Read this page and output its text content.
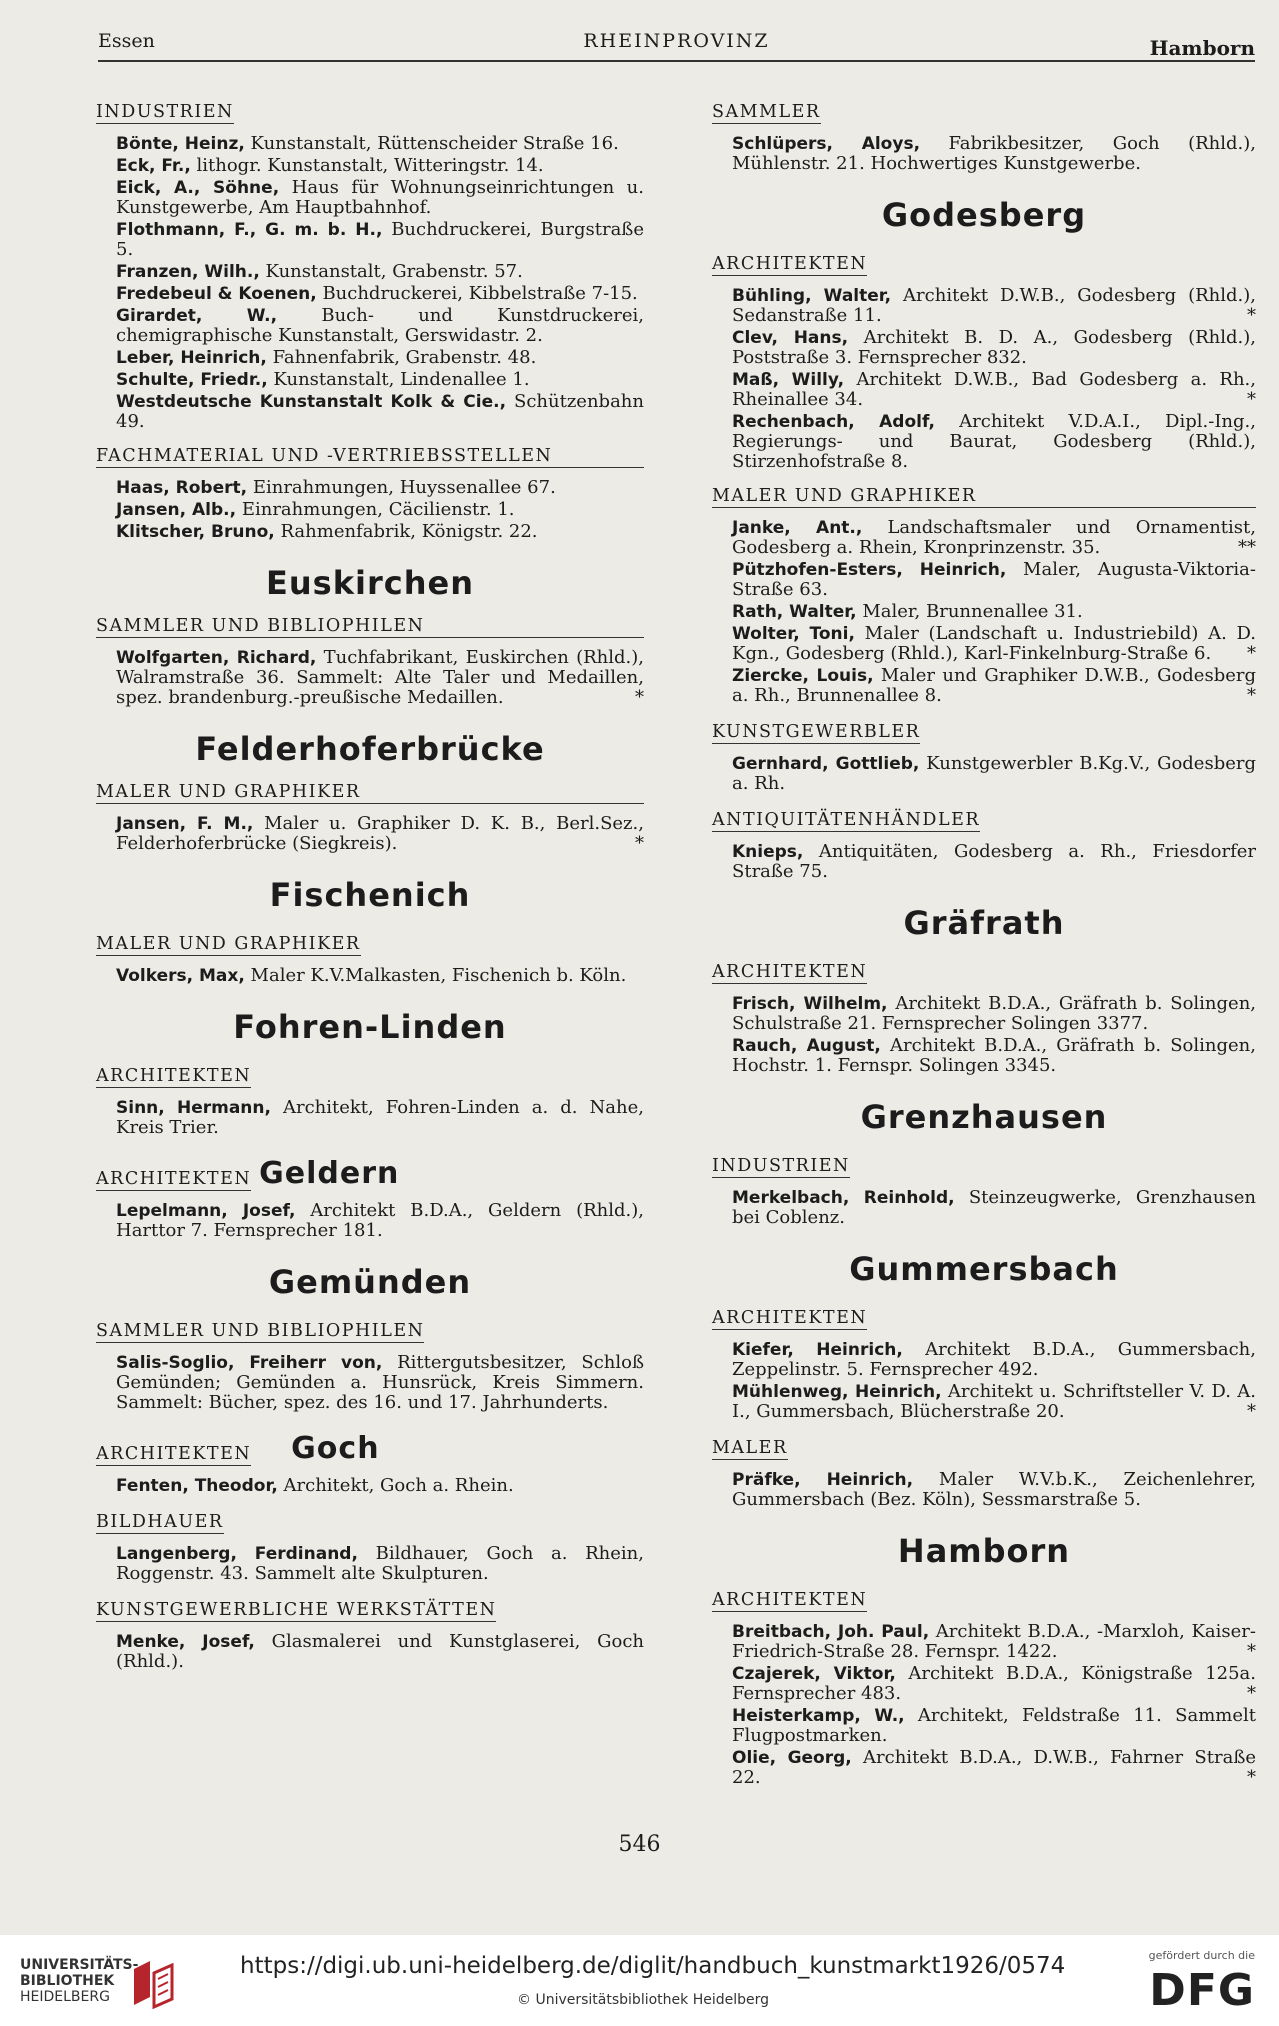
Essen	RHEINPROVINZ	Hamborn
INDUSTRIEN

Bönte, Heinz, Kunstanstalt, Rüttenscheider Straße 16.

Eck, Fr., lithogr. Kunstanstalt, Witteringstr. 14.

Eick, A., Söhne, Haus für Wohnungseinrichtungen u. Kunstgewerbe, Am Hauptbahnhof.

Flothmann, F., G. m. b. H., Buchdruckerei, Burgstraße 5.

Franzen, Wilh., Kunstanstalt, Grabenstr. 57.

Fredebeul & Koenen, Buchdruckerei, Kibbelstraße 7-15.

Girardet, W., Buch- und Kunstdruckerei, chemigraphische Kunstanstalt, Gerswidastr. 2.

Leber, Heinrich, Fahnenfabrik, Grabenstr. 48.

Schulte, Friedr., Kunstanstalt, Lindenallee 1.

Westdeutsche Kunstanstalt Kolk & Cie., Schützenbahn 49.

FACHMATERIAL UND -VERTRIEBSSTELLEN

Haas, Robert, Einrahmungen, Huyssenallee 67.

Jansen, Alb., Einrahmungen, Cäcilienstr. 1.

Klitscher, Bruno, Rahmenfabrik, Königstr. 22.

Euskirchen
SAMMLER UND BIBLIOPHILEN

Wolfgarten, Richard, Tuchfabrikant, Euskirchen (Rhld.), Walramstraße 36. Sammelt: Alte Taler und Medaillen, spez. brandenburg.-preußische Medaillen.	*

Felderhoferbrücke
MALER UND GRAPHIKER

Jansen, F. M., Maler u. Graphiker D. K. B., Berl.Sez., Felderhoferbrücke (Siegkreis).	*

Fischenich
MALER UND GRAPHIKER

Volkers, Max, Maler K.V.Malkasten, Fischenich b. Köln.

Fohren-Linden
ARCHITEKTEN

Sinn, Hermann, Architekt, Fohren-Linden a. d. Nahe, Kreis Trier.

ARCHITEKTEN Geldern

Lepelmann, Josef, Architekt B.D.A., Geldern (Rhld.), Harttor 7. Fernsprecher 181.

Gemünden
SAMMLER UND BIBLIOPHILEN

Salis-Soglio, Freiherr von, Rittergutsbesitzer, Schloß Gemünden; Gemünden a. Hunsrück, Kreis Simmern. Sammelt: Bücher, spez. des 16. und 17. Jahrhunderts.

ARCHITEKTEN Goch

Fenten, Theodor, Architekt, Goch a. Rhein.

BILDHAUER

Langenberg, Ferdinand, Bildhauer, Goch a. Rhein, Roggenstr. 43. Sammelt alte Skulpturen.

KUNSTGEWERBLICHE WERKSTÄTTEN

Menke, Josef, Glasmalerei und Kunstglaserei, Goch (Rhld.).

SAMMLER

Schlüpers, Aloys, Fabrikbesitzer, Goch (Rhld.), Mühlenstr. 21. Hochwertiges Kunstgewerbe.

Godesberg
ARCHITEKTEN

Bühling, Walter, Architekt D.W.B., Godesberg (Rhld.), Sedanstraße 11.	*

Clev, Hans, Architekt B. D. A., Godesberg (Rhld.), Poststraße 3. Fernsprecher 832.

Maß, Willy, Architekt D.W.B., Bad Godesberg a. Rh., Rheinallee 34.	*

Rechenbach, Adolf, Architekt V.D.A.I., Dipl.-Ing., Regierungs- und Baurat, Godesberg (Rhld.), Stirzenhofstraße 8.

MALER UND GRAPHIKER

Janke, Ant., Landschaftsmaler und Ornamentist, Godesberg a. Rhein, Kronprinzenstr. 35.	**

Pützhofen-Esters, Heinrich, Maler, Augusta-Viktoria-Straße 63.

Rath, Walter, Maler, Brunnenallee 31.

Wolter, Toni, Maler (Landschaft u. Industriebild) A. D. Kgn., Godesberg (Rhld.), Karl-Finkelnburg-Straße 6. *

Ziercke, Louis, Maler und Graphiker D.W.B., Godesberg a. Rh., Brunnenallee 8.	*

KUNSTGEWERBLER

Gernhard, Gottlieb, Kunstgewerbler B.Kg.V., Godesberg a. Rh.

ANTIQUITÄTENHÄNDLER

Knieps, Antiquitäten, Godesberg a. Rh., Friesdorfer Straße 75.

Gräfrath
ARCHITEKTEN

Frisch, Wilhelm, Architekt B.D.A., Gräfrath b. Solingen, Schulstraße 21. Fernsprecher Solingen 3377.

Rauch, August, Architekt B.D.A., Gräfrath b. Solingen, Hochstr. 1. Fernspr. Solingen 3345.

Grenzhausen
INDUSTRIEN

Merkelbach, Reinhold, Steinzeugwerke, Grenzhausen bei Coblenz.

Gummersbach
ARCHITEKTEN

Kiefer, Heinrich, Architekt B.D.A., Gummersbach, Zeppelinstr. 5. Fernsprecher 492.

Mühlenweg, Heinrich, Architekt u. Schriftsteller V. D. A. I., Gummersbach, Blücherstraße 20.	*

MALER

Präfke, Heinrich, Maler W.V.b.K., Zeichenlehrer, Gummersbach (Bez. Köln), Sessmarstraße 5.

Hamborn
ARCHITEKTEN

Breitbach, Joh. Paul, Architekt B.D.A., -Marxloh, Kaiser-Friedrich-Straße 28. Fernspr. 1422.	*

Czajerek, Viktor, Architekt B.D.A., Königstraße 125a. Fernsprecher 483.	*

Heisterkamp, W., Architekt, Feldstraße 11. Sammelt Flugpostmarken.

Olie, Georg, Architekt B.D.A., D.W.B., Fahrner Straße 22.	*

546
UNIVERSITÄTS-
BIBLIOTHEK
HEIDELBERG
https://digi.ub.uni-heidelberg.de/diglit/handbuch_kunstmarkt1926/0574
© Universitätsbibliothek Heidelberg
gefördert durch die
DFG
